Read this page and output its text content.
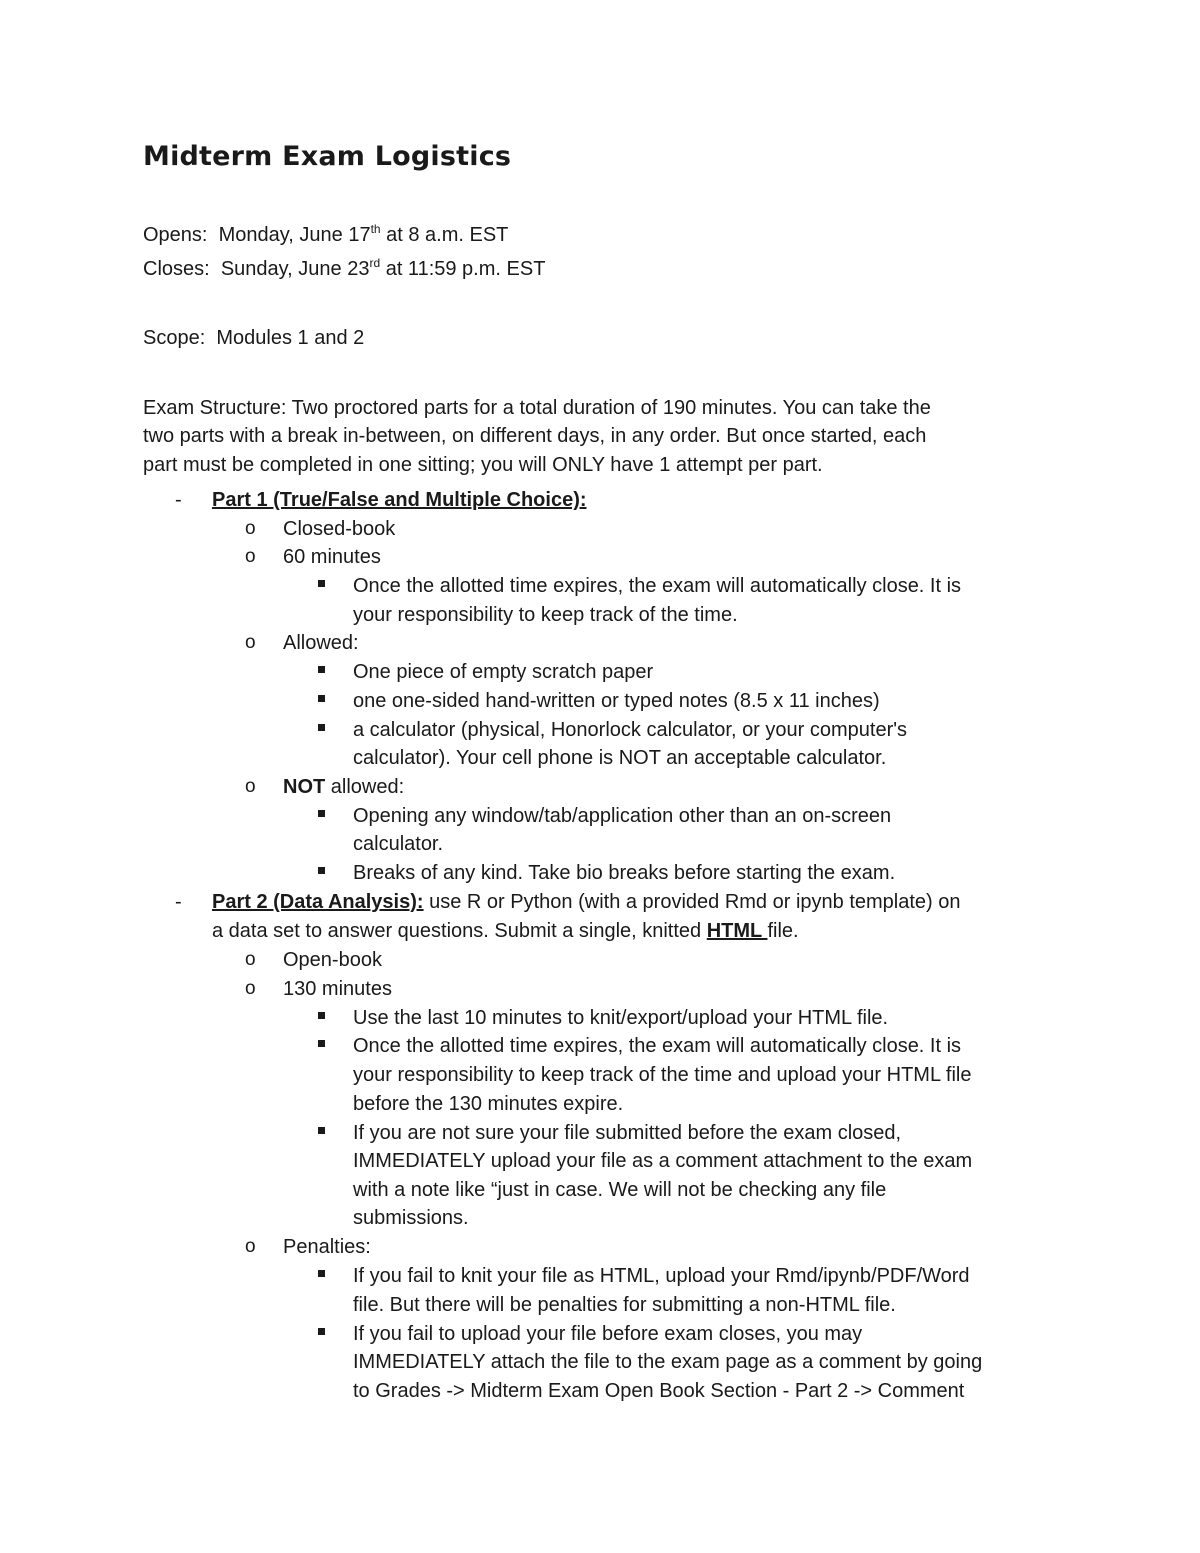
Midterm Exam Logistics

Opens: Monday, June 17th at 8 a.m. EST

Closes: Sunday, June 23rd at 11:59 p.m. EST

Scope: Modules 1 and 2

Exam Structure: Two proctored parts for a total duration of 190 minutes. You can take the

two parts with a break in-between, on different days, in any order. But once started, each

part must be completed in one sitting; you will ONLY have 1 attempt per part.

- Part 1 (True/False and Multiple Choice):

o Closed-book

o 60 minutes

Once the allotted time expires, the exam will automatically close. It is

your responsibility to keep track of the time.

o Allowed:

One piece of empty scratch paper

one one-sided hand-written or typed notes (8.5 x 11 inches)

a calculator (physical, Honorlock calculator, or your computer's

calculator). Your cell phone is NOT an acceptable calculator.

o NOT allowed:

Opening any window/tab/application other than an on-screen

calculator.

Breaks of any kind. Take bio breaks before starting the exam.

- Part 2 (Data Analysis): use R or Python (with a provided Rmd or ipynb template) on

a data set to answer questions. Submit a single, knitted HTML file.

o Open-book

o 130 minutes

Use the last 10 minutes to knit/export/upload your HTML file.

Once the allotted time expires, the exam will automatically close. It is

your responsibility to keep track of the time and upload your HTML file

before the 130 minutes expire.

If you are not sure your file submitted before the exam closed,

IMMEDIATELY upload your file as a comment attachment to the exam

with a note like “just in case. We will not be checking any file

submissions.

o Penalties:

If you fail to knit your file as HTML, upload your Rmd/ipynb/PDF/Word

file. But there will be penalties for submitting a non-HTML file.

If you fail to upload your file before exam closes, you may

IMMEDIATELY attach the file to the exam page as a comment by going

to Grades -> Midterm Exam Open Book Section - Part 2 -> Comment
